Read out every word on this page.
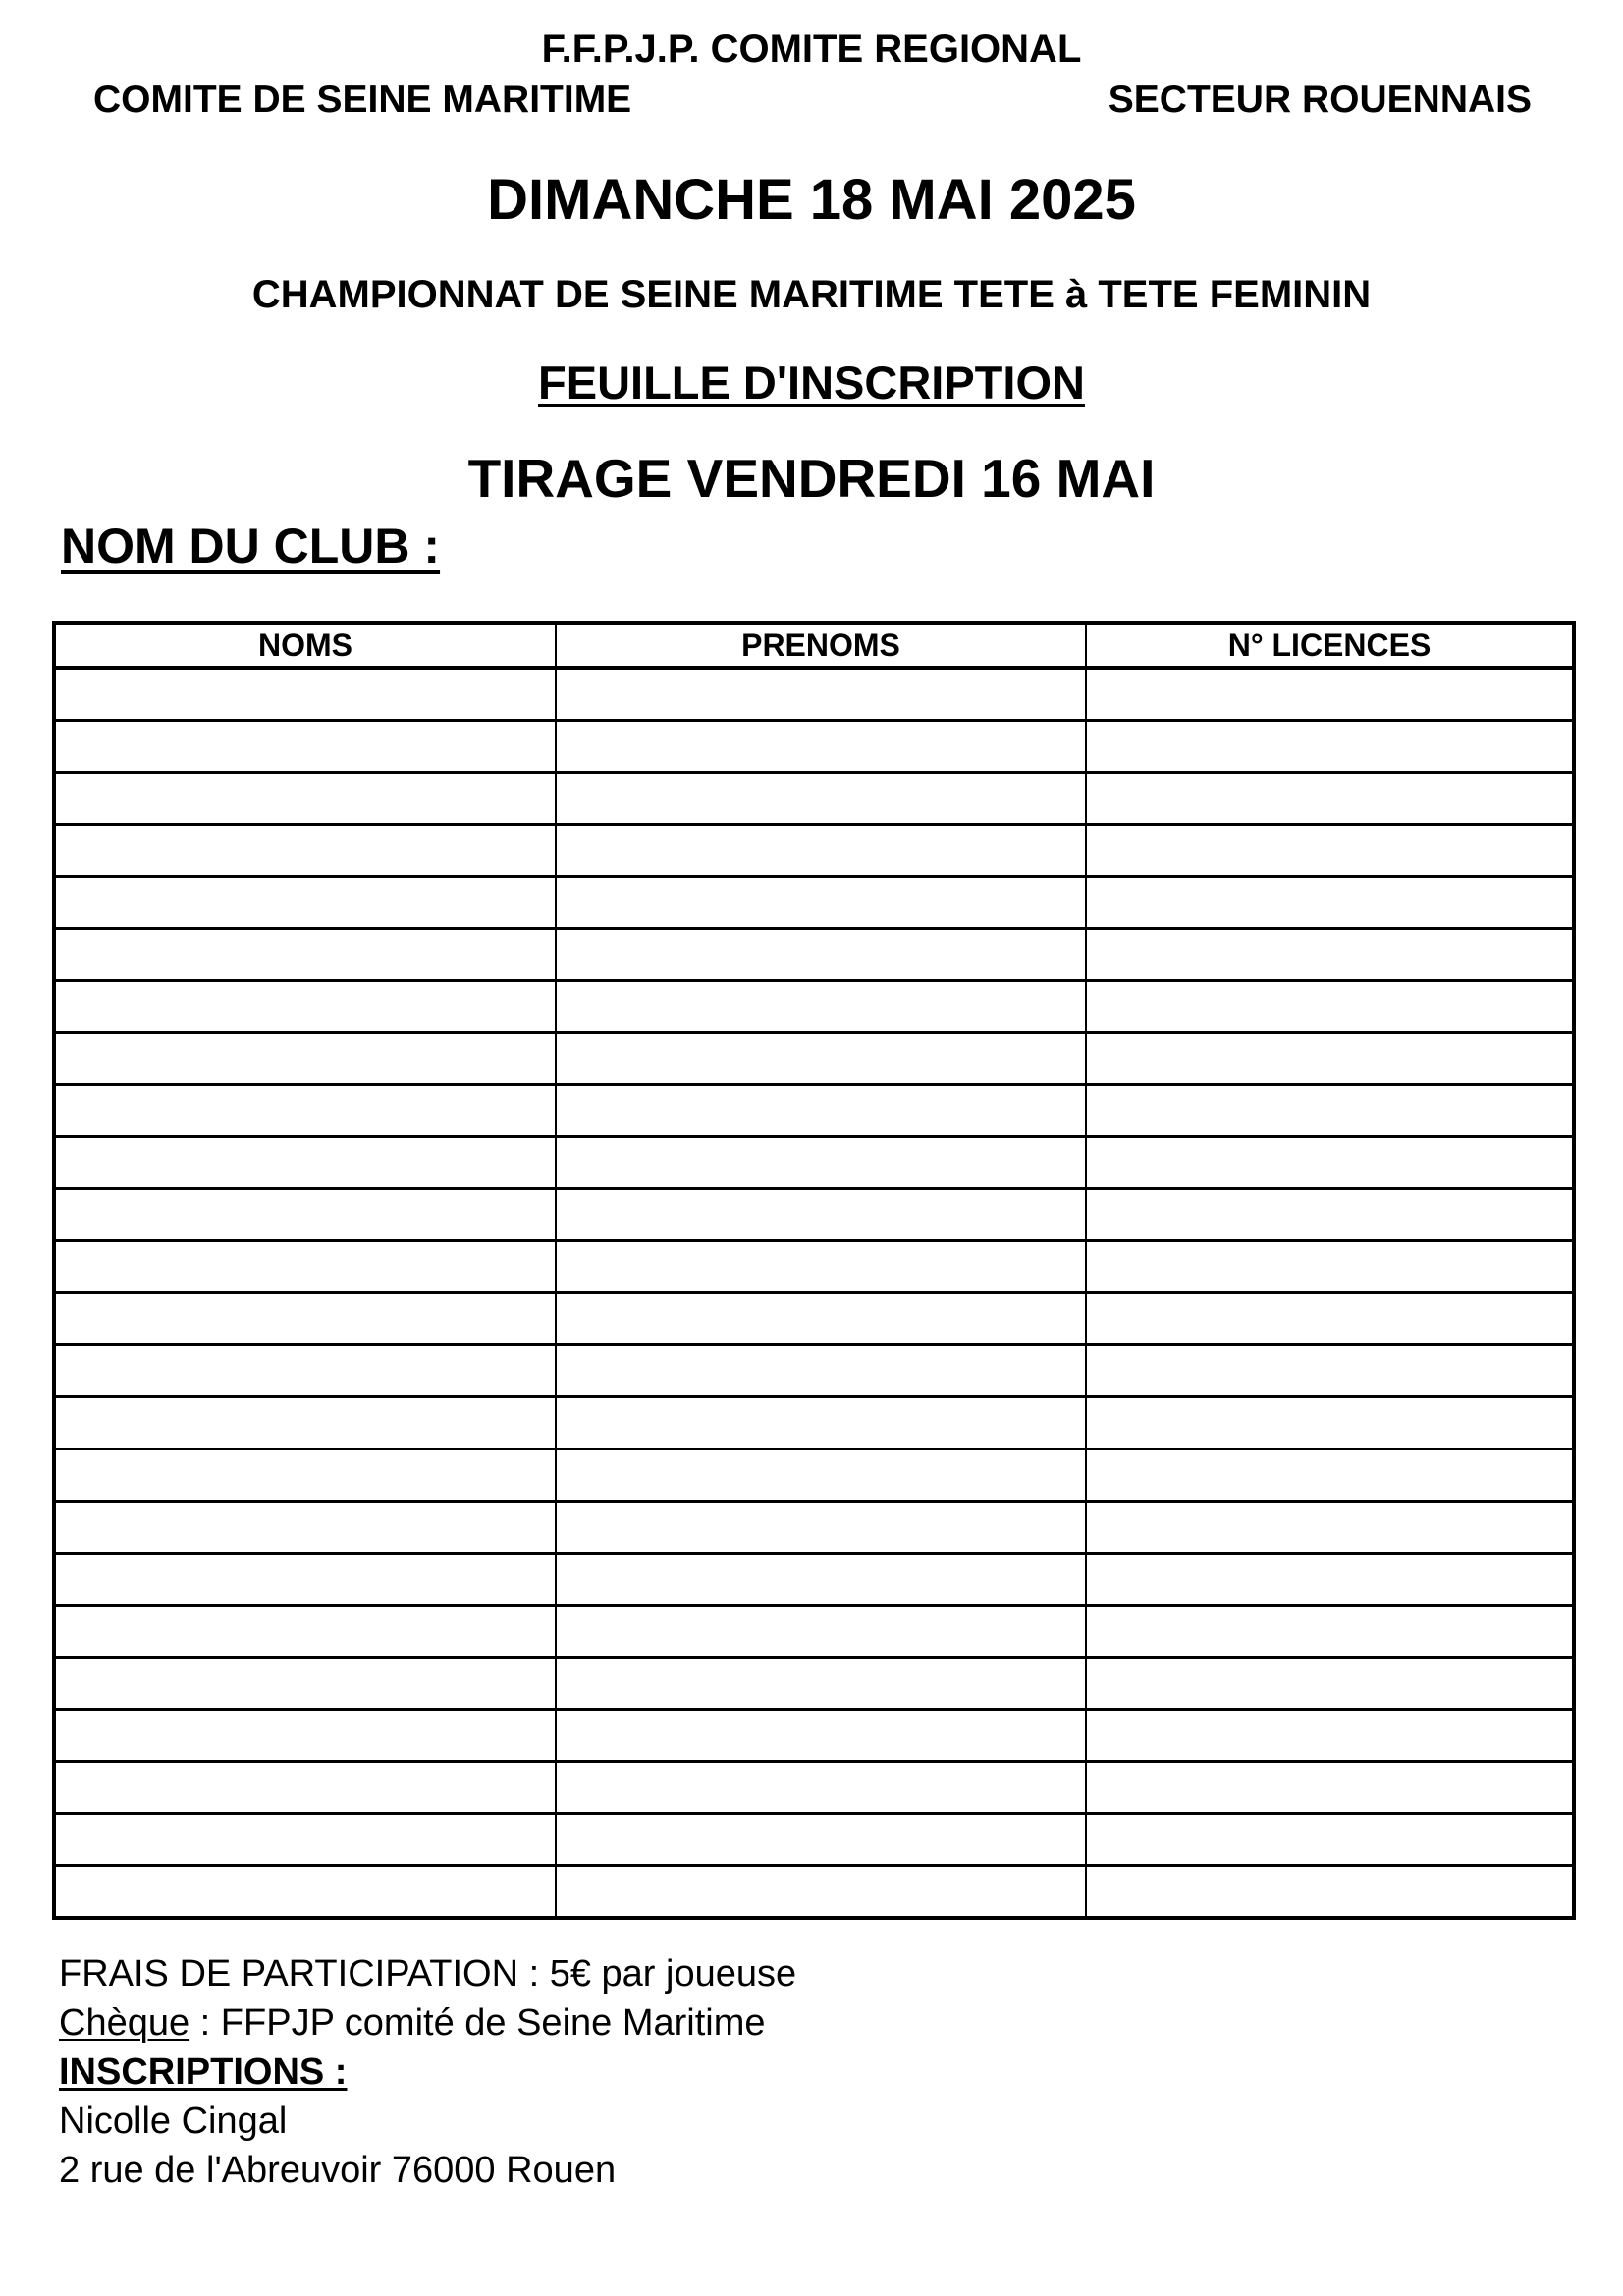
F.F.P.J.P. COMITE REGIONAL
COMITE DE SEINE MARITIME	SECTEUR ROUENNAIS
DIMANCHE 18 MAI 2025
CHAMPIONNAT DE SEINE MARITIME TETE à TETE FEMININ
FEUILLE D'INSCRIPTION
TIRAGE VENDREDI 16 MAI
NOM DU CLUB :
NOMS	PRENOMS	N° LICENCES

FRAIS DE PARTICIPATION : 5€ par joueuse
Chèque : FFPJP comité de Seine Maritime
INSCRIPTIONS :
Nicolle Cingal
2 rue de l'Abreuvoir 76000 Rouen
